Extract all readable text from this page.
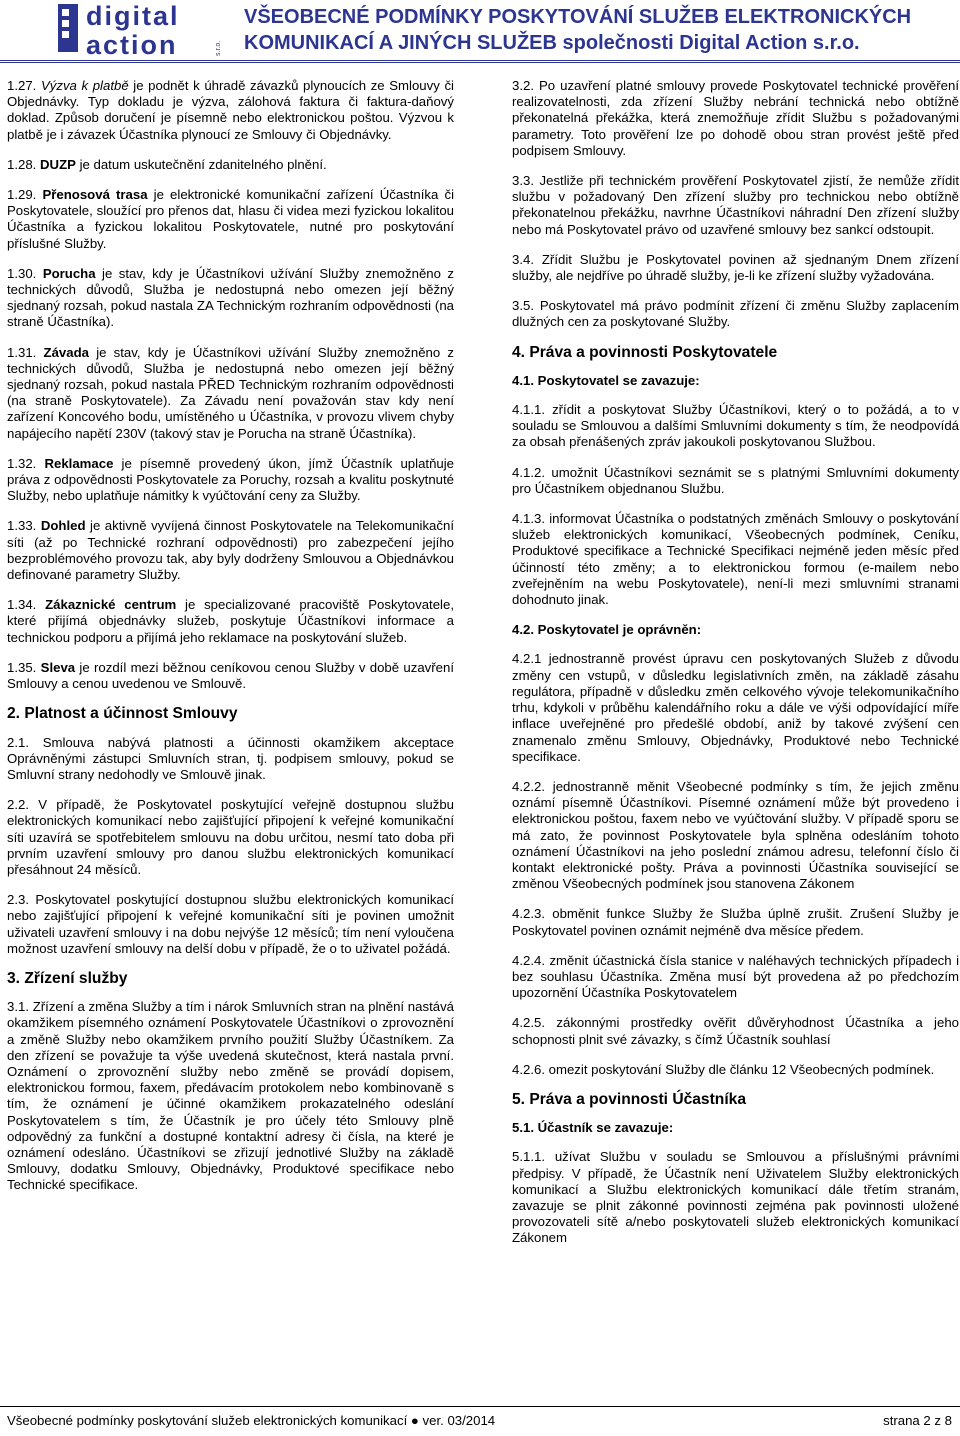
digital
action	s.r.o.
VŠEOBECNÉ PODMÍNKY POSKYTOVÁNÍ SLUŽEB ELEKTRONICKÝCH
KOMUNIKACÍ A JINÝCH SLUŽEB společnosti Digital Action s.r.o.

1.27. Výzva k platbě je podnět k úhradě závazků plynoucích ze Smlouvy či Objednávky. Typ dokladu je výzva, zálohová faktura či faktura-daňový doklad. Způsob doručení je písemně nebo elektronickou poštou. Výzvou k platbě je i závazek Účastníka plynoucí ze Smlouvy či Objednávky.

1.28. DUZP je datum uskutečnění zdanitelného plnění.

1.29. Přenosová trasa je elektronické komunikační zařízení Účastníka či Poskytovatele, sloužící pro přenos dat, hlasu či videa mezi fyzickou lokalitou Účastníka a fyzickou lokalitou Poskytovatele, nutné pro poskytování příslušné Služby.

1.30. Porucha je stav, kdy je Účastníkovi užívání Služby znemožněno z technických důvodů, Služba je nedostupná nebo omezen její běžný sjednaný rozsah, pokud nastala ZA Technickým rozhraním odpovědnosti (na straně Účastníka).

1.31. Závada je stav, kdy je Účastníkovi užívání Služby znemožněno z technických důvodů, Služba je nedostupná nebo omezen její běžný sjednaný rozsah, pokud nastala PŘED Technickým rozhraním odpovědnosti (na straně Poskytovatele). Za Závadu není považován stav kdy není zařízení Koncového bodu, umístěného u Účastníka, v provozu vlivem chyby napájecího napětí 230V (takový stav je Porucha na straně Účastníka).

1.32. Reklamace je písemně provedený úkon, jímž Účastník uplatňuje práva z odpovědnosti Poskytovatele za Poruchy, rozsah a kvalitu poskytnuté Služby, nebo uplatňuje námitky k vyúčtování ceny za Služby.

1.33. Dohled je aktivně vyvíjená činnost Poskytovatele na Telekomunikační síti (až po Technické rozhraní odpovědnosti) pro zabezpečení jejího bezproblémového provozu tak, aby byly dodrženy Smlouvou a Objednávkou definované parametry Služby.

1.34. Zákaznické centrum je specializované pracoviště Poskytovatele, které přijímá objednávky služeb, poskytuje Účastníkovi informace a technickou podporu a přijímá jeho reklamace na poskytování služeb.

1.35. Sleva je rozdíl mezi běžnou ceníkovou cenou Služby v době uzavření Smlouvy a cenou uvedenou ve Smlouvě.

2. Platnost a účinnost Smlouvy

2.1. Smlouva nabývá platnosti a účinnosti okamžikem akceptace Oprávněnými zástupci Smluvních stran, tj. podpisem smlouvy, pokud se Smluvní strany nedohodly ve Smlouvě jinak.

2.2. V případě, že Poskytovatel poskytující veřejně dostupnou službu elektronických komunikací nebo zajišťující připojení k veřejné komunikační síti uzavírá se spotřebitelem smlouvu na dobu určitou, nesmí tato doba při prvním uzavření smlouvy pro danou službu elektronických komunikací přesáhnout 24 měsíců.

2.3. Poskytovatel poskytující dostupnou službu elektronických komunikací nebo zajišťující připojení k veřejné komunikační síti je povinen umožnit uživateli uzavření smlouvy i na dobu nejvýše 12 měsíců; tím není vyloučena možnost uzavření smlouvy na delší dobu v případě, že o to uživatel požádá.

3. Zřízení služby

3.1. Zřízení a změna Služby a tím i nárok Smluvních stran na plnění nastává okamžikem písemného oznámení Poskytovatele Účastníkovi o zprovoznění a změně Služby nebo okamžikem prvního použití Služby Účastníkem. Za den zřízení se považuje ta výše uvedená skutečnost, která nastala první. Oznámení o zprovoznění služby nebo změně se provádí dopisem, elektronickou formou, faxem, předávacím protokolem nebo kombinovaně s tím, že oznámení je účinné okamžikem prokazatelného odeslání Poskytovatelem s tím, že Účastník je pro účely této Smlouvy plně odpovědný za funkční a dostupné kontaktní adresy či čísla, na které je oznámení odesláno. Účastníkovi se zřizují jednotlivé Služby na základě Smlouvy, dodatku Smlouvy, Objednávky, Produktové specifikace nebo Technické specifikace.

3.2. Po uzavření platné smlouvy provede Poskytovatel technické prověření realizovatelnosti, zda zřízení Služby nebrání technická nebo obtížně překonatelná překážka, která znemožňuje zřídit Službu s požadovanými parametry. Toto prověření lze po dohodě obou stran provést ještě před podpisem Smlouvy.

3.3. Jestliže při technickém prověření Poskytovatel zjistí, že nemůže zřídit službu v požadovaný Den zřízení služby pro technickou nebo obtížně překonatelnou překážku, navrhne Účastníkovi náhradní Den zřízení služby nebo má Poskytovatel právo od uzavřené smlouvy bez sankcí odstoupit.

3.4. Zřídit Službu je Poskytovatel povinen až sjednaným Dnem zřízení služby, ale nejdříve po úhradě služby, je-li ke zřízení služby vyžadována.

3.5. Poskytovatel má právo podmínit zřízení či změnu Služby zaplacením dlužných cen za poskytované Služby.

4. Práva a povinnosti Poskytovatele
4.1. Poskytovatel se zavazuje:

4.1.1. zřídit a poskytovat Služby Účastníkovi, který o to požádá, a to v souladu se Smlouvou a dalšími Smluvními dokumenty s tím, že neodpovídá za obsah přenášených zpráv jakoukoli poskytovanou Službou.

4.1.2. umožnit Účastníkovi seznámit se s platnými Smluvními dokumenty pro Účastníkem objednanou Službu.

4.1.3. informovat Účastníka o podstatných změnách Smlouvy o poskytování služeb elektronických komunikací, Všeobecných podmínek, Ceníku, Produktové specifikace a Technické Specifikaci nejméně jeden měsíc před účinností této změny; a to elektronickou formou (e-mailem nebo zveřejněním na webu Poskytovatele), není-li mezi smluvními stranami dohodnuto jinak.

4.2. Poskytovatel je oprávněn:

4.2.1 jednostranně provést úpravu cen poskytovaných Služeb z důvodu změny cen vstupů, v důsledku legislativních změn, na základě zásahu regulátora, případně v důsledku změn celkového vývoje telekomunikačního trhu, kdykoli v průběhu kalendářního roku a dále ve výši odpovídající míře inflace uveřejněné pro předešlé období, aniž by takové zvýšení cen znamenalo změnu Smlouvy, Objednávky, Produktové nebo Technické specifikace.

4.2.2. jednostranně měnit Všeobecné podmínky s tím, že jejich změnu oznámí písemně Účastníkovi. Písemné oznámení může být provedeno i elektronickou poštou, faxem nebo ve vyúčtování služby. V případě sporu se má zato, že povinnost Poskytovatele byla splněna odesláním tohoto oznámení Účastníkovi na jeho poslední známou adresu, telefonní číslo či kontakt elektronické pošty. Práva a povinnosti Účastníka související se změnou Všeobecných podmínek jsou stanovena Zákonem

4.2.3. obměnit funkce Služby že Služba úplně zrušit. Zrušení Služby je Poskytovatel povinen oznámit nejméně dva měsíce předem.

4.2.4. změnit účastnická čísla stanice v naléhavých technických případech i bez souhlasu Účastníka. Změna musí být provedena až po předchozím upozornění Účastníka Poskytovatelem

4.2.5. zákonnými prostředky ověřit důvěryhodnost Účastníka a jeho schopnosti plnit své závazky, s čímž Účastník souhlasí

4.2.6. omezit poskytování Služby dle článku 12 Všeobecných podmínek.

5. Práva a povinnosti Účastníka
5.1. Účastník se zavazuje:

5.1.1. užívat Službu v souladu se Smlouvou a příslušnými právními předpisy. V případě, že Účastník není Uživatelem Služby elektronických komunikací a Službu elektronických komunikací dále třetím stranám, zavazuje se plnit zákonné povinnosti zejména pak povinnosti uložené provozovateli sítě a/nebo poskytovateli služeb elektronických komunikací Zákonem

Všeobecné podmínky poskytování služeb elektronických komunikací ● ver. 03/2014	strana 2 z 8
